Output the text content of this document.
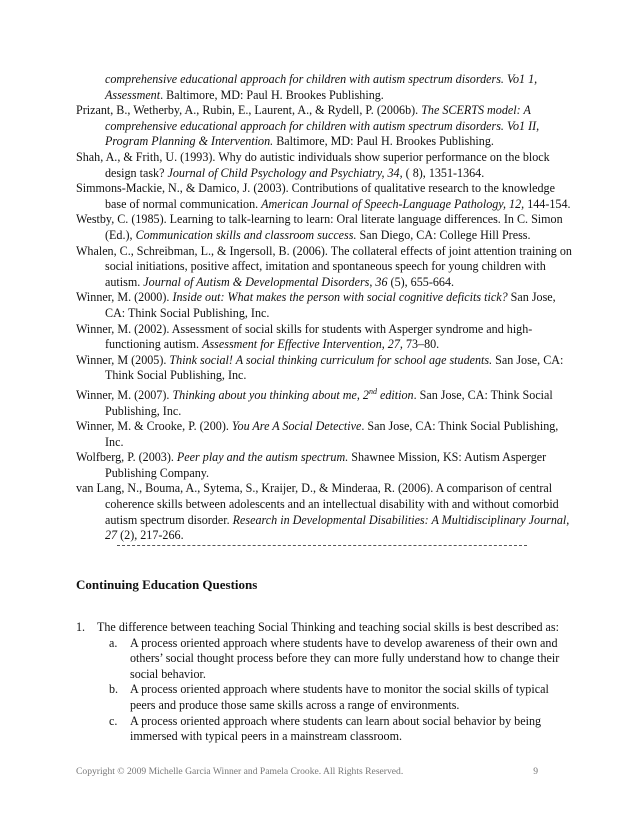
comprehensive educational approach for children with autism spectrum disorders. Vo1 1, Assessment. Baltimore, MD: Paul H. Brookes Publishing.

Prizant, B., Wetherby, A., Rubin, E., Laurent, A., & Rydell, P. (2006b). The SCERTS model: A comprehensive educational approach for children with autism spectrum disorders. Vo1 II, Program Planning & Intervention. Baltimore, MD: Paul H. Brookes Publishing.

Shah, A., & Frith, U. (1993). Why do autistic individuals show superior performance on the block design task? Journal of Child Psychology and Psychiatry, 34, ( 8), 1351-1364.

Simmons-Mackie, N., & Damico, J. (2003). Contributions of qualitative research to the knowledge base of normal communication. American Journal of Speech-Language Pathology, 12, 144-154.

Westby, C. (1985). Learning to talk-learning to learn: Oral literate language differences. In C. Simon (Ed.), Communication skills and classroom success. San Diego, CA: College Hill Press.

Whalen, C., Schreibman, L., & Ingersoll, B. (2006). The collateral effects of joint attention training on social initiations, positive affect, imitation and spontaneous speech for young children with autism. Journal of Autism & Developmental Disorders, 36 (5), 655-664.

Winner, M. (2000). Inside out: What makes the person with social cognitive deficits tick? San Jose, CA: Think Social Publishing, Inc.

Winner, M. (2002). Assessment of social skills for students with Asperger syndrome and high-functioning autism. Assessment for Effective Intervention, 27, 73–80.

Winner, M (2005). Think social! A social thinking curriculum for school age students. San Jose, CA: Think Social Publishing, Inc.

Winner, M. (2007). Thinking about you thinking about me, 2nd edition. San Jose, CA: Think Social Publishing, Inc.

Winner, M. & Crooke, P. (200). You Are A Social Detective. San Jose, CA: Think Social Publishing, Inc.

Wolfberg, P. (2003). Peer play and the autism spectrum. Shawnee Mission, KS: Autism Asperger Publishing Company.

van Lang, N., Bouma, A., Sytema, S., Kraijer, D., & Minderaa, R. (2006). A comparison of central coherence skills between adolescents and an intellectual disability with and without comorbid autism spectrum disorder. Research in Developmental Disabilities: A Multidisciplinary Journal, 27 (2), 217-266.

Continuing Education Questions
1. The difference between teaching Social Thinking and teaching social skills is best described as:

a. A process oriented approach where students have to develop awareness of their own and others’ social thought process before they can more fully understand how to change their social behavior.
b. A process oriented approach where students have to monitor the social skills of typical peers and produce those same skills across a range of environments.
c. A process oriented approach where students can learn about social behavior by being immersed with typical peers in a mainstream classroom.
Copyright © 2009 Michelle Garcia Winner and Pamela Crooke. All Rights Reserved.	9
